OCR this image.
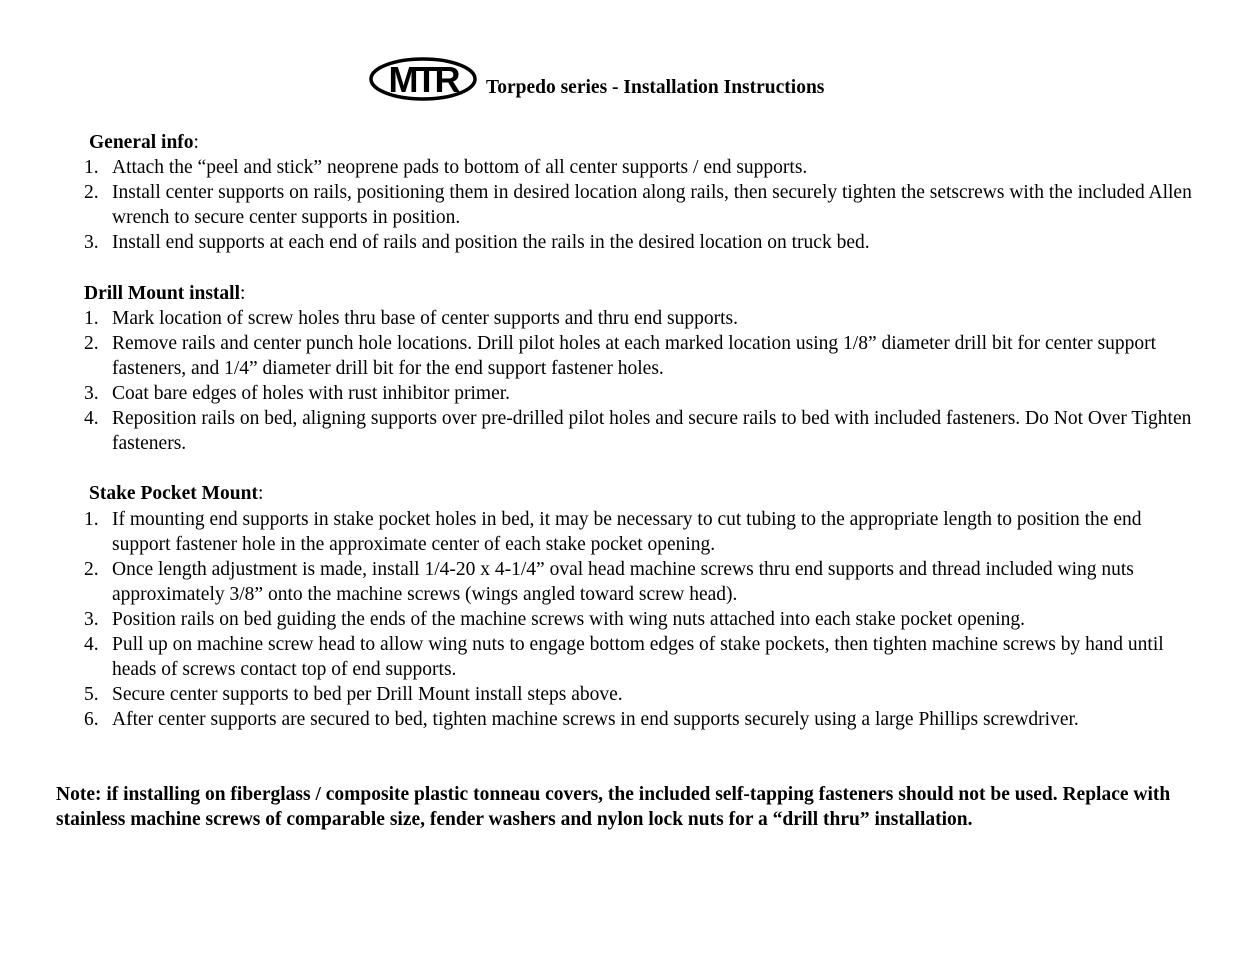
MTR Torpedo series - Installation Instructions
General info:
1. Attach the “peel and stick” neoprene pads to bottom of all center supports / end supports.
2. Install center supports on rails, positioning them in desired location along rails, then securely tighten the setscrews with the included Allen wrench to secure center supports in position.
3. Install end supports at each end of rails and position the rails in the desired location on truck bed.
Drill Mount install:
1. Mark location of screw holes thru base of center supports and thru end supports.
2. Remove rails and center punch hole locations. Drill pilot holes at each marked location using 1/8” diameter drill bit for center support fasteners, and 1/4” diameter drill bit for the end support fastener holes.
3. Coat bare edges of holes with rust inhibitor primer.
4. Reposition rails on bed, aligning supports over pre-drilled pilot holes and secure rails to bed with included fasteners. Do Not Over Tighten fasteners.
Stake Pocket Mount:
1. If mounting end supports in stake pocket holes in bed, it may be necessary to cut tubing to the appropriate length to position the end support fastener hole in the approximate center of each stake pocket opening.
2. Once length adjustment is made, install 1/4-20 x 4-1/4” oval head machine screws thru end supports and thread included wing nuts approximately 3/8” onto the machine screws (wings angled toward screw head).
3. Position rails on bed guiding the ends of the machine screws with wing nuts attached into each stake pocket opening.
4. Pull up on machine screw head to allow wing nuts to engage bottom edges of stake pockets, then tighten machine screws by hand until heads of screws contact top of end supports.
5. Secure center supports to bed per Drill Mount install steps above.
6. After center supports are secured to bed, tighten machine screws in end supports securely using a large Phillips screwdriver.
Note: if installing on fiberglass / composite plastic tonneau covers, the included self-tapping fasteners should not be used. Replace with stainless machine screws of comparable size, fender washers and nylon lock nuts for a “drill thru” installation.
